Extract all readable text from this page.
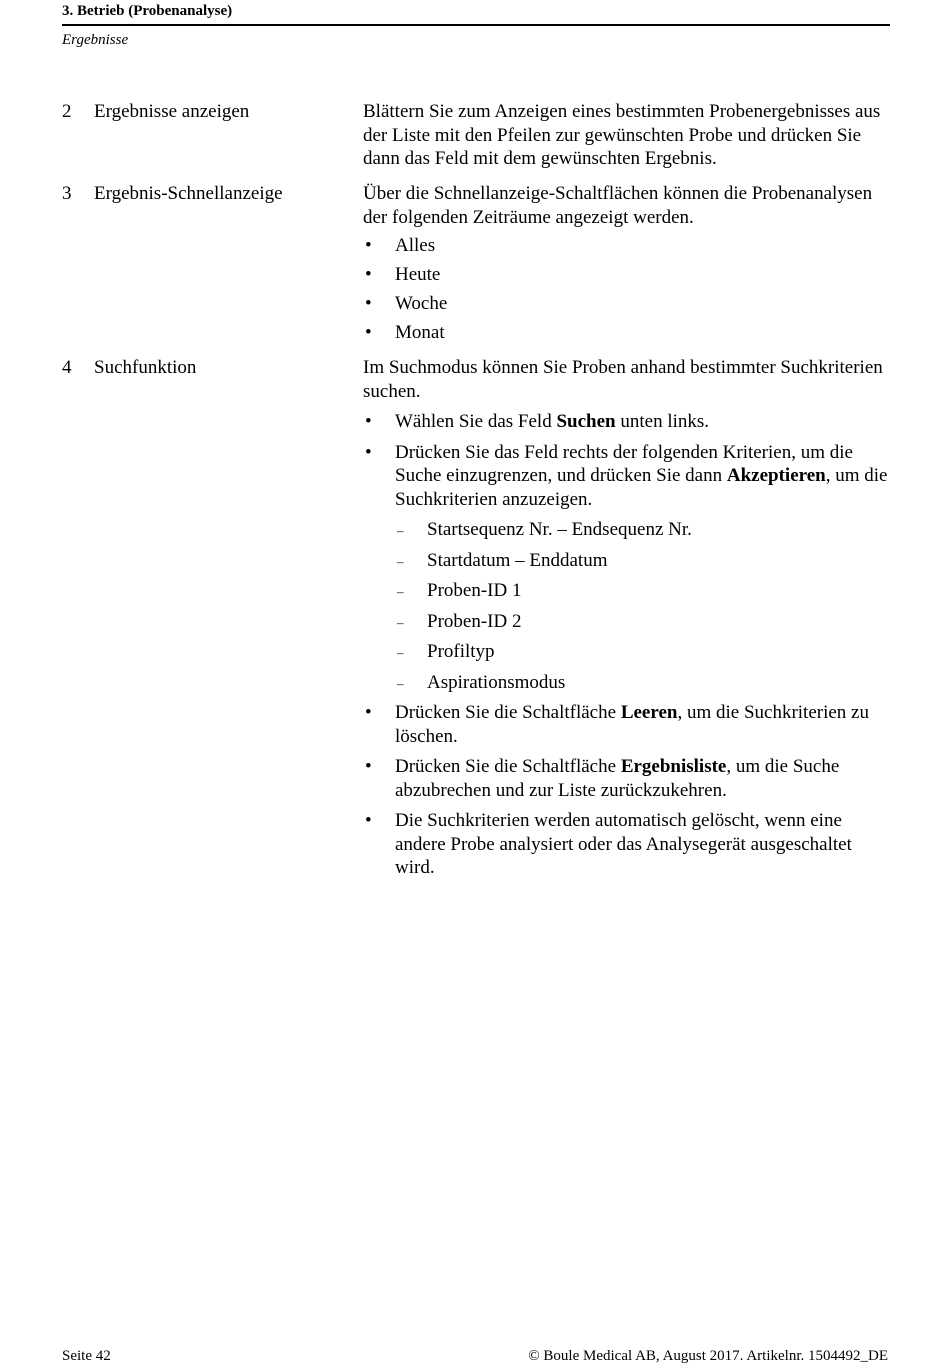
3. Betrieb (Probenanalyse)
Ergebnisse
2 Ergebnisse anzeigen	Blättern Sie zum Anzeigen eines bestimmten Probenergebnisses aus der Liste mit den Pfeilen zur gewünschten Probe und drücken Sie dann das Feld mit dem gewünschten Ergebnis.

3 Ergebnis-Schnellanzeige	Über die Schnellanzeige-Schaltflächen können die Probenanalysen der folgenden Zeiträume angezeigt werden.

• Alles
• Heute
• Woche
• Monat
4 Suchfunktion	Im Suchmodus können Sie Proben anhand bestimmter Suchkriterien suchen.

• Wählen Sie das Feld Suchen unten links.
• Drücken Sie das Feld rechts der folgenden Kriterien, um die Suche einzugrenzen, und drücken Sie dann Akzeptieren, um die Suchkriterien anzuzeigen.
– Startsequenz Nr. – Endsequenz Nr.
– Startdatum – Enddatum
– Proben-ID 1
– Proben-ID 2
– Profiltyp
– Aspirationsmodus
• Drücken Sie die Schaltfläche Leeren, um die Suchkriterien zu löschen.
• Drücken Sie die Schaltfläche Ergebnisliste, um die Suche abzubrechen und zur Liste zurückzukehren.
• Die Suchkriterien werden automatisch gelöscht, wenn eine andere Probe analysiert oder das Analysegerät ausgeschaltet wird.
Seite 42	© Boule Medical AB, August 2017. Artikelnr. 1504492_DE
